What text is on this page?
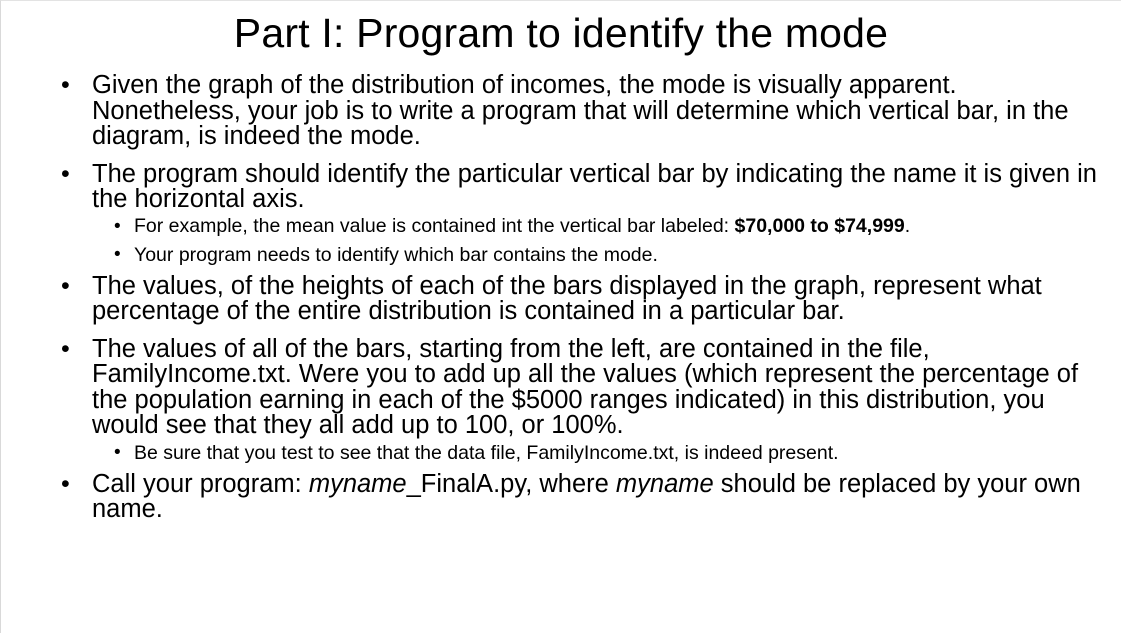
Part I: Program to identify the mode
• Given the graph of the distribution of incomes, the mode is visually apparent. Nonetheless, your job is to write a program that will determine which vertical bar, in the diagram, is indeed the mode.
• The program should identify the particular vertical bar by indicating the name it is given in the horizontal axis.
• For example, the mean value is contained int the vertical bar labeled: $70,000 to $74,999.
• Your program needs to identify which bar contains the mode.
• The values, of the heights of each of the bars displayed in the graph, represent what percentage of the entire distribution is contained in a particular bar.
• The values of all of the bars, starting from the left, are contained in the file, FamilyIncome.txt. Were you to add up all the values (which represent the percentage of the population earning in each of the $5000 ranges indicated) in this distribution, you would see that they all add up to 100, or 100%.
• Be sure that you test to see that the data file, FamilyIncome.txt, is indeed present.
• Call your program: myname_FinalA.py, where myname should be replaced by your own name.
